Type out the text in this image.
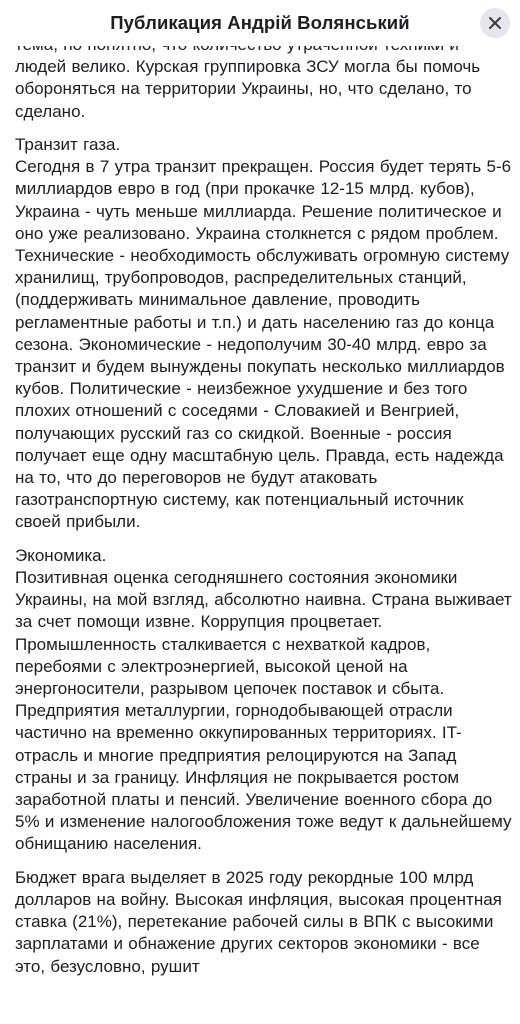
Публикация Андрій Волянський

людей велико. Курская группировка ЗСУ могла бы помочь обороняться на территории Украины, но, что сделано, то сделано.

Транзит газа.
Сегодня в 7 утра транзит прекращен. Россия будет терять 5-6 миллиардов евро в год (при прокачке 12-15 млрд. кубов), Украина - чуть меньше миллиарда. Решение политическое и оно уже реализовано. Украина столкнется с рядом проблем. Технические - необходимость обслуживать огромную систему хранилищ, трубопроводов, распределительных станций, (поддерживать минимальное давление, проводить регламентные работы и т.п.) и дать населению газ до конца сезона. Экономические - недополучим 30-40 млрд. евро за транзит и будем вынуждены покупать несколько миллиардов кубов. Политические - неизбежное ухудшение и без того плохих отношений с соседями - Словакией и Венгрией, получающих русский газ со скидкой. Военные - россия получает еще одну масштабную цель. Правда, есть надежда на то, что до переговоров не будут атаковать газотранспортную систему, как потенциальный источник своей прибыли.

Экономика.
Позитивная оценка сегодняшнего состояния экономики Украины, на мой взгляд, абсолютно наивна. Страна выживает за счет помощи извне. Коррупция процветает. Промышленность сталкивается с нехваткой кадров, перебоями с электроэнергией, высокой ценой на энергоносители, разрывом цепочек поставок и сбыта. Предприятия металлургии, горнодобывающей отрасли частично на временно оккупированных территориях. IT-отрасль и многие предприятия релоцируются на Запад страны и за границу. Инфляция не покрывается ростом заработной платы и пенсий. Увеличение военного сбора до 5% и изменение налогообложения тоже ведут к дальнейшему обнищанию населения.

Бюджет врага выделяет в 2025 году рекордные 100 млрд долларов на войну. Высокая инфляция, высокая процентная ставка (21%), перетекание рабочей силы в ВПК с высокими зарплатами и обнажение других секторов экономики - все это, безусловно, рушит
